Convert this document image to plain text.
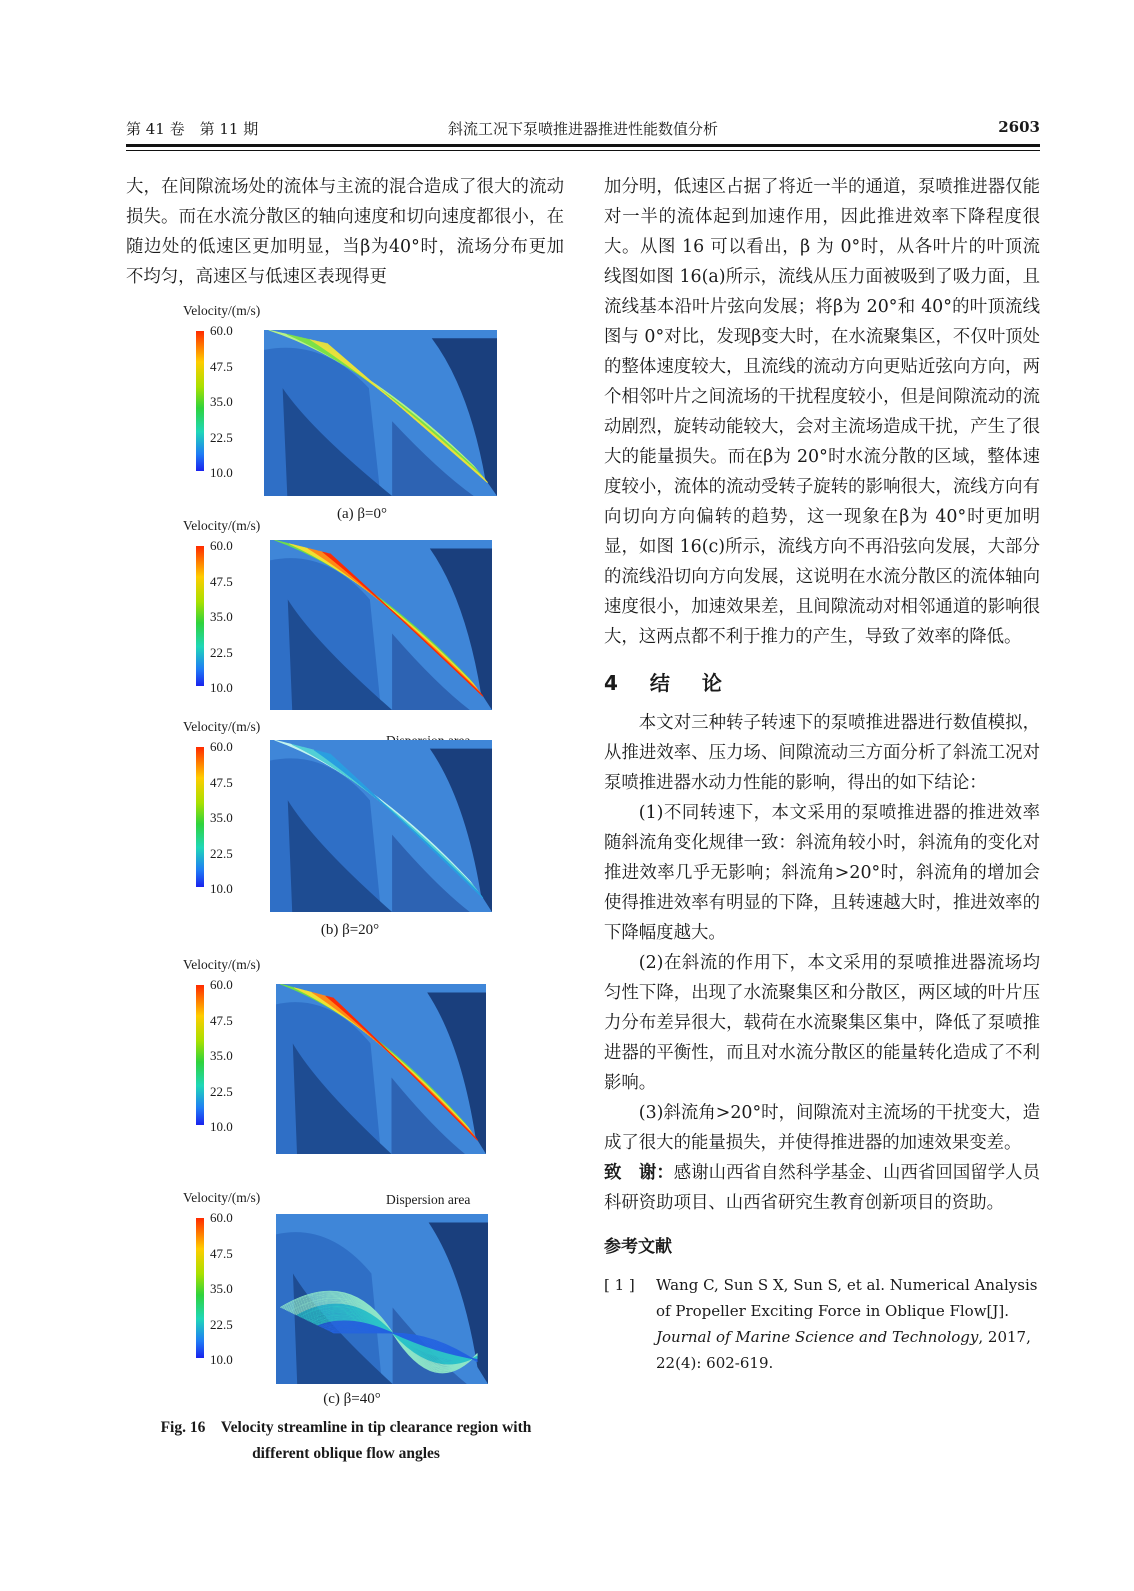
第 41 卷　第 11 期	斜流工况下泵喷推进器推进性能数值分析	2603

大，在间隙流场处的流体与主流的混合造成了很大的流动损失。而在水流分散区的轴向速度和切向速度都很小，在随边处的低速区更加明显，当β为40°时，流场分布更加不均匀，高速区与低速区表现得更

Velocity/(m/s)
60.0
47.5
35.0
22.5
10.0
Velocity/(m/s)
60.0
47.5
35.0
22.5
10.0
Velocity/(m/s)
60.0
47.5
35.0
22.5
10.0
Velocity/(m/s)
60.0
47.5
35.0
22.5
10.0
Velocity/(m/s)
60.0
47.5
35.0
22.5
10.0
Dispersion area
(a) β=0°
(b) β=20°
(c) β=40°
Fig. 16　Velocity streamline in tip clearance region with
different oblique flow angles

加分明，低速区占据了将近一半的通道，泵喷推进器仅能对一半的流体起到加速作用，因此推进效率下降程度很大。从图 16 可以看出，β 为 0°时，从各叶片的叶顶流线图如图 16(a)所示，流线从压力面被吸到了吸力面，且流线基本沿叶片弦向发展；将β为 20°和 40°的叶顶流线图与 0°对比，发现β变大时，在水流聚集区，不仅叶顶处的整体速度较大，且流线的流动方向更贴近弦向方向，两个相邻叶片之间流场的干扰程度较小，但是间隙流动的流动剧烈，旋转动能较大，会对主流场造成干扰，产生了很大的能量损失。而在β为 20°时水流分散的区域，整体速度较小，流体的流动受转子旋转的影响很大，流线方向有向切向方向偏转的趋势，这一现象在β为 40°时更加明显，如图 16(c)所示，流线方向不再沿弦向发展，大部分的流线沿切向方向发展，这说明在水流分散区的流体轴向速度很小，加速效果差，且间隙流动对相邻通道的影响很大，这两点都不利于推力的产生，导致了效率的降低。

4　结　论

本文对三种转子转速下的泵喷推进器进行数值模拟，从推进效率、压力场、间隙流动三方面分析了斜流工况对泵喷推进器水动力性能的影响，得出的如下结论：

(1)不同转速下，本文采用的泵喷推进器的推进效率随斜流角变化规律一致：斜流角较小时，斜流角的变化对推进效率几乎无影响；斜流角>20°时，斜流角的增加会使得推进效率有明显的下降，且转速越大时，推进效率的下降幅度越大。

(2)在斜流的作用下，本文采用的泵喷推进器流场均匀性下降，出现了水流聚集区和分散区，两区域的叶片压力分布差异很大，载荷在水流聚集区集中，降低了泵喷推进器的平衡性，而且对水流分散区的能量转化造成了不利影响。

(3)斜流角>20°时，间隙流对主流场的干扰变大，造成了很大的能量损失，并使得推进器的加速效果变差。

致　谢：感谢山西省自然科学基金、山西省回国留学人员科研资助项目、山西省研究生教育创新项目的资助。

参考文献

[ 1 ] Wang C, Sun S X, Sun S, et al. Numerical Analysis of Propeller Exciting Force in Oblique Flow[J]. Journal of Marine Science and Technology, 2017, 22(4): 602-619.
